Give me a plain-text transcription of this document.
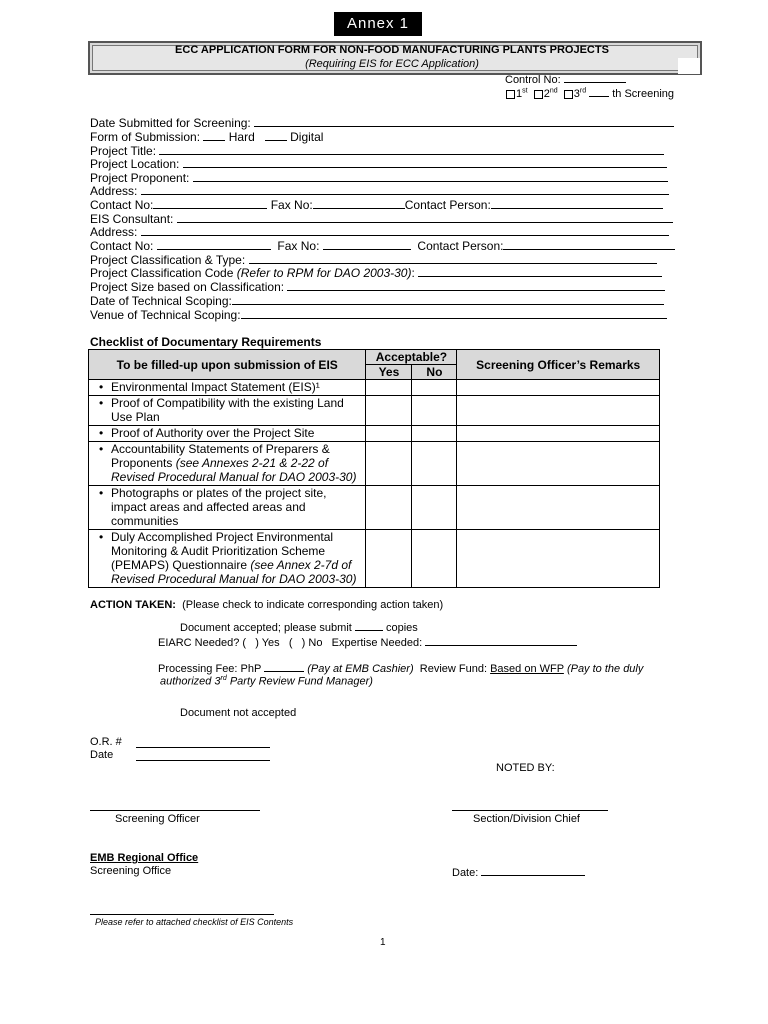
Annex 1
ECC APPLICATION FORM FOR NON-FOOD MANUFACTURING PLANTS PROJECTS
(Requiring EIS for ECC Application)
Control No:
1st 2nd 3rd th Screening
Date Submitted for Screening:
Form of Submission: Hard	Digital
Project Title:
Project Location:
Project Proponent:
Address:
Contact No:	Fax No:	Contact Person:
EIS Consultant:
Address:
Contact No:	Fax No:	Contact Person:
Project Classification & Type:
Project Classification Code (Refer to RPM for DAO 2003-30):
Project Size based on Classification:
Date of Technical Scoping:
Venue of Technical Scoping:
Checklist of Documentary Requirements
To be filled-up upon submission of EIS	Acceptable?		Screening Officer’s Remarks
	Yes	No	

• Environmental Impact Statement (EIS)¹			

• Proof of Compatibility with the existing Land Use Plan			

• Proof of Authority over the Project Site			

• Accountability Statements of Preparers & Proponents (see Annexes 2-21 & 2-22 of Revised Procedural Manual for DAO 2003-30)			

• Photographs or plates of the project site, impact areas and affected areas and communities			

• Duly Accomplished Project Environmental Monitoring & Audit Prioritization Scheme (PEMAPS) Questionnaire (see Annex 2-7d of Revised Procedural Manual for DAO 2003-30)			

ACTION TAKEN: (Please check to indicate corresponding action taken)
Document accepted; please submit	copies
EIARC Needed? (   ) Yes   (   ) No   Expertise Needed:
Processing Fee: PhP	(Pay at EMB Cashier) Review Fund: Based on WFP (Pay to the duly
authorized 3rd Party Review Fund Manager)
Document not accepted
O.R. #
Date
NOTED BY:
Screening Officer	Section/Division Chief
EMB Regional Office
Screening Office	Date:
Please refer to attached checklist of EIS Contents
1
